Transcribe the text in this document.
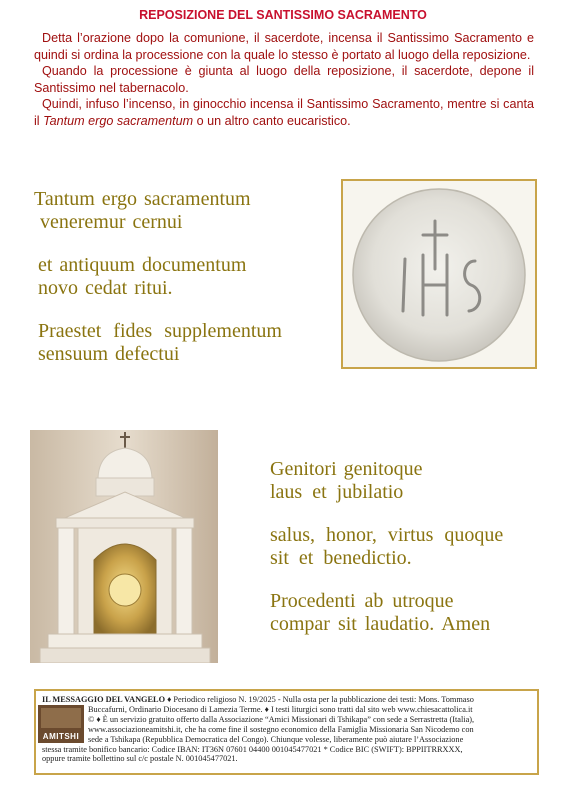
REPOSIZIONE DEL SANTISSIMO SACRAMENTO

Detta l’orazione dopo la comunione, il sacerdote, incensa il Santissimo Sacramento e quindi si ordina la processione con la quale lo stesso è portato al luogo della reposizione.

Quando la processione è giunta al luogo della reposizione, il sacerdote, depone il Santissimo nel tabernacolo.

Quindi, infuso l’incenso, in ginocchio incensa il Santissimo Sacramento, mentre si canta il Tantum ergo sacramentum o un altro canto eucaristico.

Tantum ergo sacramentum
veneremur cernui
et antiquum documentum
novo cedat ritui.
Praestet fides supplementum
sensuum defectui
Genitori genitoque
laus et jubilatio
salus, honor, virtus quoque
sit et benedictio.
Procedenti ab utroque
compar sit laudatio. Amen
AMITSHI
IL MESSAGGIO DEL VANGELO ♦ Periodico religioso N. 19/2025 - Nulla osta per la pubblicazione dei testi: Mons. Tommaso
Buccafurni, Ordinario Diocesano di Lamezia Terme. ♦ I testi liturgici sono tratti dal sito web www.chiesacattolica.it
© ♦ È un servizio gratuito offerto dalla Associazione “Amici Missionari di Tshikapa” con sede a Serrastretta (Italia),
www.associazioneamitshi.it, che ha come fine il sostegno economico della Famiglia Missionaria San Nicodemo con
sede a Tshikapa (Repubblica Democratica del Congo). Chiunque volesse, liberamente può aiutare l’Associazione
stessa tramite bonifico bancario: Codice IBAN: IT36N 07601 04400 001045477021 * Codice BIC (SWIFT): BPPIITRRXXX,
oppure tramite bollettino sul c/c postale N. 001045477021.
